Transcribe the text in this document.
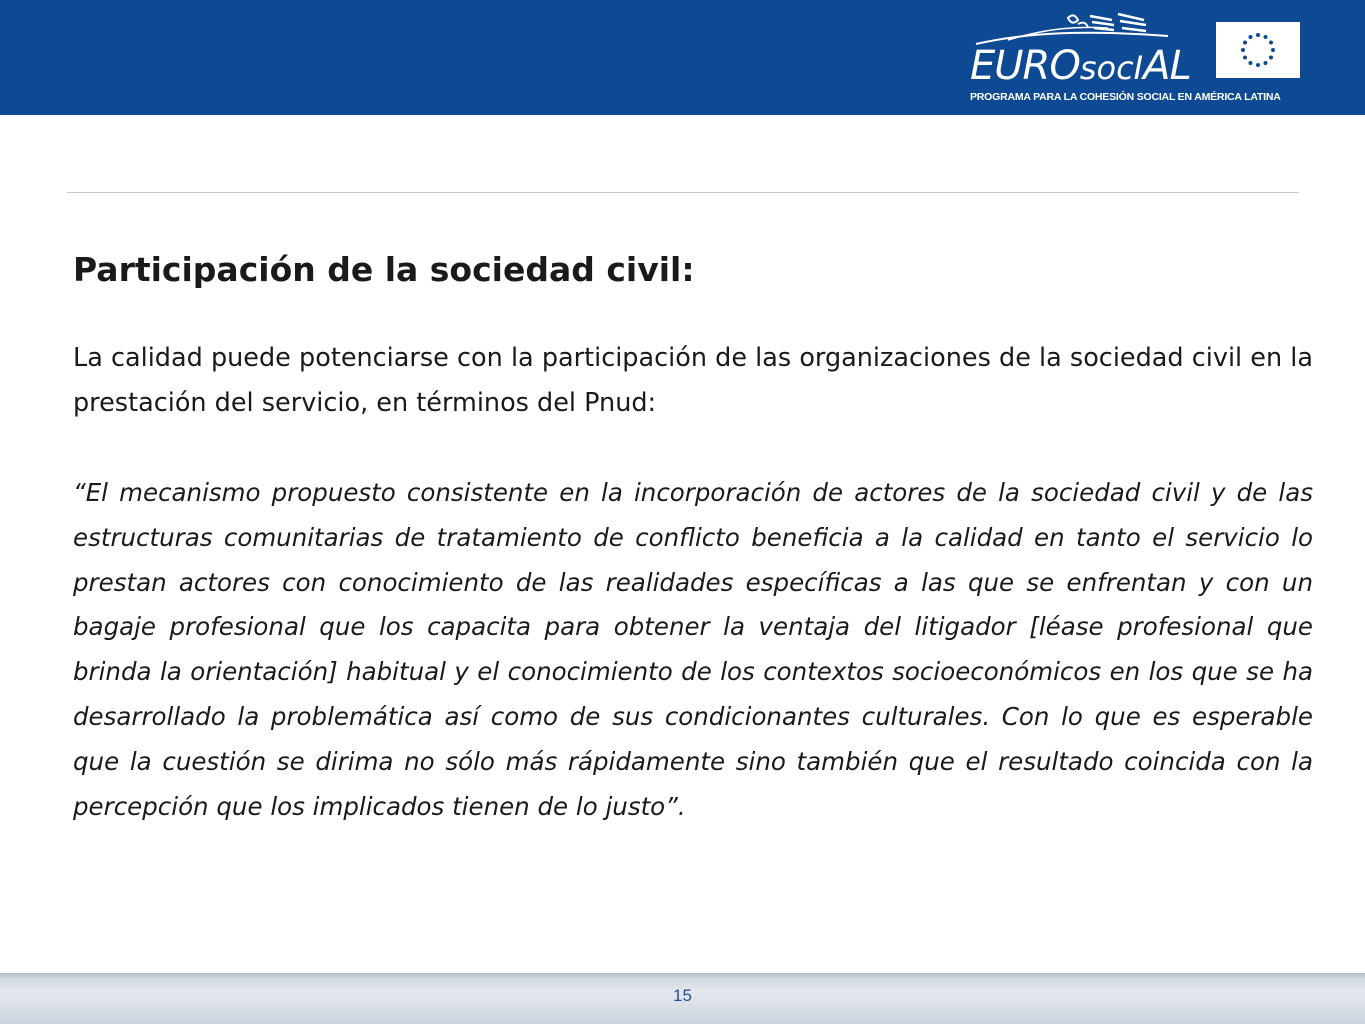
EUROsocIAL
PROGRAMA PARA LA COHESIÓN SOCIAL EN AMÉRICA LATINA
Participación de la sociedad civil:

La calidad puede potenciarse con la participación de las organizaciones de la sociedad civil en la prestación del servicio, en términos del Pnud:

“El mecanismo propuesto consistente en la incorporación de actores de la sociedad civil y de las estructuras comunitarias de tratamiento de conflicto beneficia a la calidad en tanto el servicio lo prestan actores con conocimiento de las realidades específicas a las que se enfrentan y con un bagaje profesional que los capacita para obtener la ventaja del litigador [léase profesional que brinda la orientación] habitual y el conocimiento de los contextos socioeconómicos en los que se ha desarrollado la problemática así como de sus condicionantes culturales. Con lo que es esperable que la cuestión se dirima no sólo más rápidamente sino también que el resultado coincida con la percepción que los implicados tienen de lo justo”.

15
